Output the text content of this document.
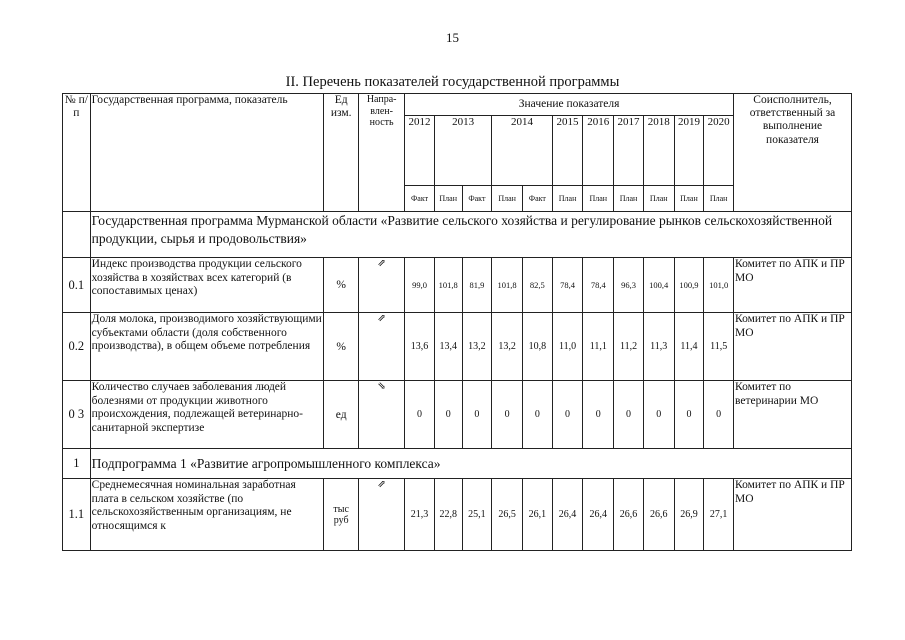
15
II. Перечень показателей государственной программы
№ п/п	Государственная программа, показатель	Ед изм.	Напра-влен-ность	Значение показателя											Соисполнитель, ответственный за выполнение показателя
				2012	2013		2014		2015	2016	2017	2018	2019	2020	
				Факт	План	Факт	План	Факт	План	План	План	План	План	План	
	Государственная программа Мурманской области «Развитие сельского хозяйства и регулирование рынков сельскохозяйственной продукции, сырья и продовольствия»														
0.1	Индекс производства продукции сельского хозяйства в хозяйствах всех категорий (в сопоставимых ценах)	%	⇗	99,0	101,8	81,9	101,8	82,5	78,4	78,4	96,3	100,4	100,9	101,0	Комитет по АПК и ПР МО
0.2	Доля молока, производимого хозяйствующими субъектами области (доля собственного производства), в общем объеме потребления	%	⇗	13,6	13,4	13,2	13,2	10,8	11,0	11,1	11,2	11,3	11,4	11,5	Комитет по АПК и ПР МО
0 3	Количество случаев заболевания людей болезнями от продукции животного происхождения, подлежащей ветеринарно-санитарной экспертизе	ед	⇘	0	0	0	0	0	0	0	0	0	0	0	Комитет по ветеринарии МО
1	Подпрограмма 1 «Развитие агропромышленного комплекса»														
1.1	Среднемесячная номинальная заработная плата в сельском хозяйстве (по сельскохозяйственным организациям, не относящимся к	тыс руб	⇗	21,3	22,8	25,1	26,5	26,1	26,4	26,4	26,6	26,6	26,9	27,1	Комитет по АПК и ПР МО
